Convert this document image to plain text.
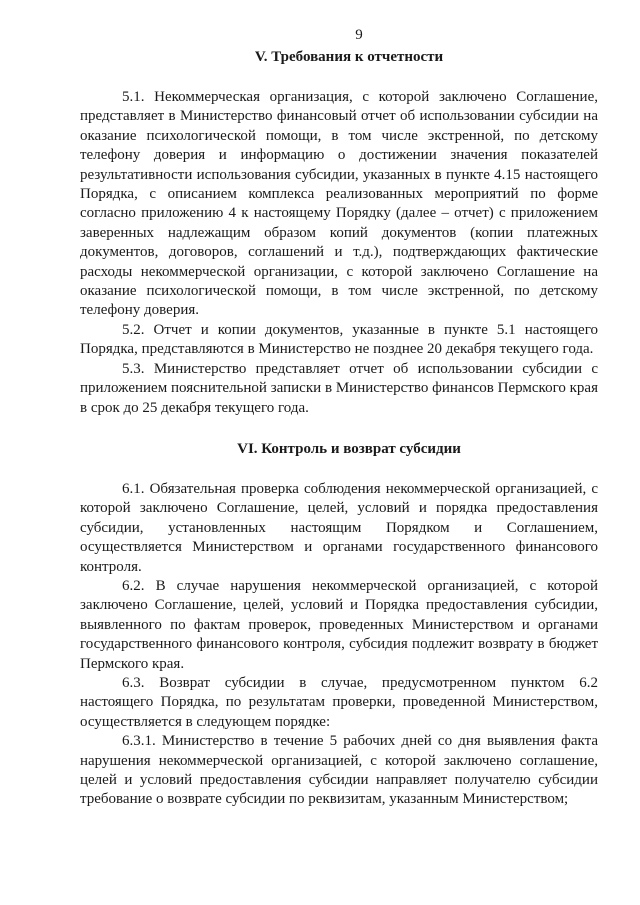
9
V. Требования к отчетности

5.1. Некоммерческая организация, с которой заключено Соглашение, представляет в Министерство финансовый отчет об использовании субсидии на оказание психологической помощи, в том числе экстренной, по детскому телефону доверия и информацию о достижении значения показателей результативности использования субсидии, указанных в пункте 4.15 настоящего Порядка, с описанием комплекса реализованных мероприятий по форме согласно приложению 4 к настоящему Порядку (далее – отчет) с приложением заверенных надлежащим образом копий документов (копии платежных документов, договоров, соглашений и т.д.), подтверждающих фактические расходы некоммерческой организации, с которой заключено Соглашение на оказание психологической помощи, в том числе экстренной, по детскому телефону доверия.

5.2. Отчет и копии документов, указанные в пункте 5.1 настоящего Порядка, представляются в Министерство не позднее 20 декабря текущего года.

5.3. Министерство представляет отчет об использовании субсидии с приложением пояснительной записки в Министерство финансов Пермского края в срок до 25 декабря текущего года.

VI. Контроль и возврат субсидии

6.1. Обязательная проверка соблюдения некоммерческой организацией, с которой заключено Соглашение, целей, условий и порядка предоставления субсидии, установленных настоящим Порядком и Соглашением, осуществляется Министерством и органами государственного финансового контроля.

6.2. В случае нарушения некоммерческой организацией, с которой заключено Соглашение, целей, условий и Порядка предоставления субсидии, выявленного по фактам проверок, проведенных Министерством и органами государственного финансового контроля, субсидия подлежит возврату в бюджет Пермского края.

6.3. Возврат субсидии в случае, предусмотренном пунктом 6.2 настоящего Порядка, по результатам проверки, проведенной Министерством, осуществляется в следующем порядке:

6.3.1. Министерство в течение 5 рабочих дней со дня выявления факта нарушения некоммерческой организацией, с которой заключено соглашение, целей и условий предоставления субсидии направляет получателю субсидии требование о возврате субсидии по реквизитам, указанным Министерством;
